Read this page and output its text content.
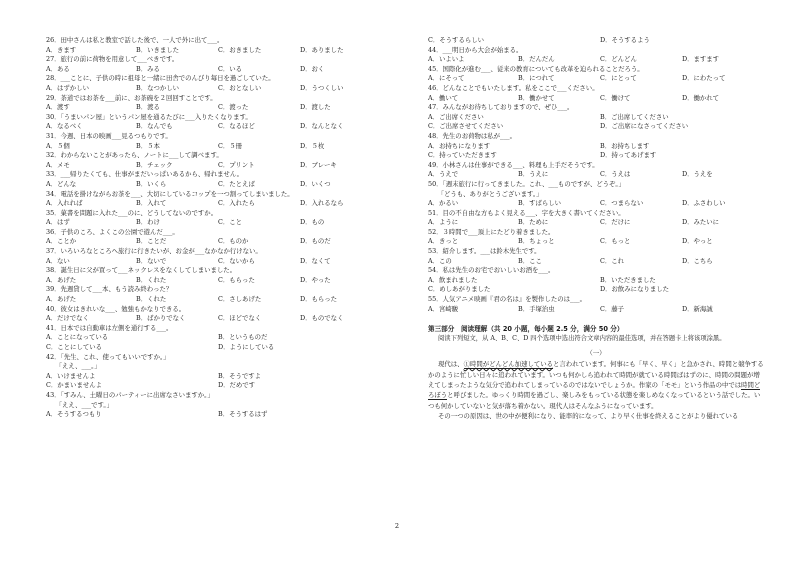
26．田中さんは私と教室で話した後で、一人で外に出て___。
A．きます	B．いきました	C．おきました	D．ありました
27．旅行の前に荷物を用意して___べきです。
A．ある	B．みる	C．いる	D．おく
28．___ことに、子供の時に祖母と一緒に田舎でのんびり毎日を過ごしていた。
A．はずかしい	B．なつかしい	C．おとなしい	D．うつくしい
29．茶道ではお茶を___前に、お茶碗を２回回すことです。
A．渡す	B．渡る	C．渡った	D．渡した
30．「うまいパン屋」というパン屋を通るたびに___入りたくなります。
A．なるべく	B．なんでも	C．なるほど	D．なんとなく
31．今週、日本の映画___見るつもりです。
A．５個	B．５本	C．５冊	D．５枚
32．わからないことがあったら、ノートに___して調べます。
A．メモ	B．チェック	C．プリント	D．ブレーキ
33．___帰りたくても、仕事がまだいっぱいあるから、帰れません。
A．どんな	B．いくら	C．たとえば	D．いくつ
34．電話を掛けながらお茶を___、大切にしているコップを一つ割ってしまいました。
A．入れれば	B．入れて	C．入れたら	D．入れるなら
35．菓書を問題に入れた___のに、どうしてないのですか。
A．はず	B．わけ	C．こと	D．もの
36．子供のころ、よくこの公園で遊んだ___。
A．ことか	B．ことだ	C．ものか	D．ものだ
37．いろいろなところへ旅行に行きたいが、お金が___なかなか行けない。
A．ない	B．ないで	C．ないから	D．なくて
38．誕生日に父が買って___ネックレスをなくしてしまいました。
A．あげた	B．くれた	C．もらった	D．やった
39．先週貸して___本、もう読み終わった？
A．あげた	B．くれた	C．さしあげた	D．もらった
40．彼女はきれいな___、勉強もかなりできる。
A．だけでなく	B．ばかりでなく	C．ほどでなく	D．ものでなく
41．日本では自動車は左側を通行する___。
A．ことになっている	B．というものだ
C．ことにしている	D．ようにしている
42．「先生、これ、使ってもいいですか。」
　　「ええ、___。」
A．いけませんよ	B．そうですよ
C．かまいませんよ	D．だめです
43．「すみん、土曜日のパーティーに出席なさいますか。」
　　「ええ、___です。」
A．そうするつもり	B．そうするはず
C．そうするらしい	D．そうするよう
44．___明日から大会が始まる。
A．いよいよ	B．だんだん	C．どんどん	D．ますます
45．国際化が進む___、従来の教育についても改革を迫られることだろう。
A．にそって	B．につれて	C．にとって	D．にわたって
46．どんなことでもいたします。私をここで___ください。
A．働いて	B．働かせて	C．働けて	D．働かれて
47．みんながお待ちしておりますので、ぜひ___。
A．ご出席ください	B．ご出席してください
C．ご出席させてください	D．ご出席になさってください
48．先生のお荷物は私が___。
A．お持ちになります	B．お持ちします
C．持っていただきます	D．持ってあげます
49．小林さんは仕事ができる___、料理も上手だそうです。
A．うえで	B．うえに	C．うえは	D．うえを
50．「週末旅行に行ってきました。これ、___ものですが、どうぞ。」
　　「どうも、ありがとうございます。」
A．かるい	B．すばらしい	C．つまらない	D．ふさわしい
51．目の不自由な方もよく見える___、字を大きく書いてください。
A．ように	B．ために	C．だけに	D．みたいに
52．３時間で___頂上にたどり着きました。
A．きっと	B．ちょっと	C．もっと	D．やっと
53．紹介します。___は鈴木先生です。
A．この	B．ここ	C．これ	D．こちら
54．私は先生のお宅でおいしいお酒を___。
A．飲まれました	B．いただきました
C．めしあがりました	D．お飲みになりました
55．人気アニメ映画『君の名は』を製作したのは___。
A．宮崎駿	B．手塚治虫	C．藤子	D．新海誠
第三部分　阅读理解（共 20 小题，每小题 2.5 分，满分 50 分）
阅读下列短文，从 A、B、C、D 四个选项中选出符合文章内容的最佳选项，并在答题卡上将该项涂黑。
（一）
現代は、①時間がどんどん加速していると言われています。何事にも「早く、早く」と急かされ、時間と競争するかのように忙しい日々に追われています。いつも何かしら追われて時間が就ている時間ばはずのに、時間の問題が増えてしまったような気分で追われてしまっているのではないでしょうか。作家の「モモ」という作品の中では時間どろぼうと呼びました。ゆっくり時間を過ごし、楽しみをもっている状態を楽しめなくなっているという話でした。いつも何かしていないと気が落ち着かない。現代人はそんなふうになっています。
その一つの原因は、世の中が便利になり、能率的になって、より早く仕事を終えることがより優れている
2
